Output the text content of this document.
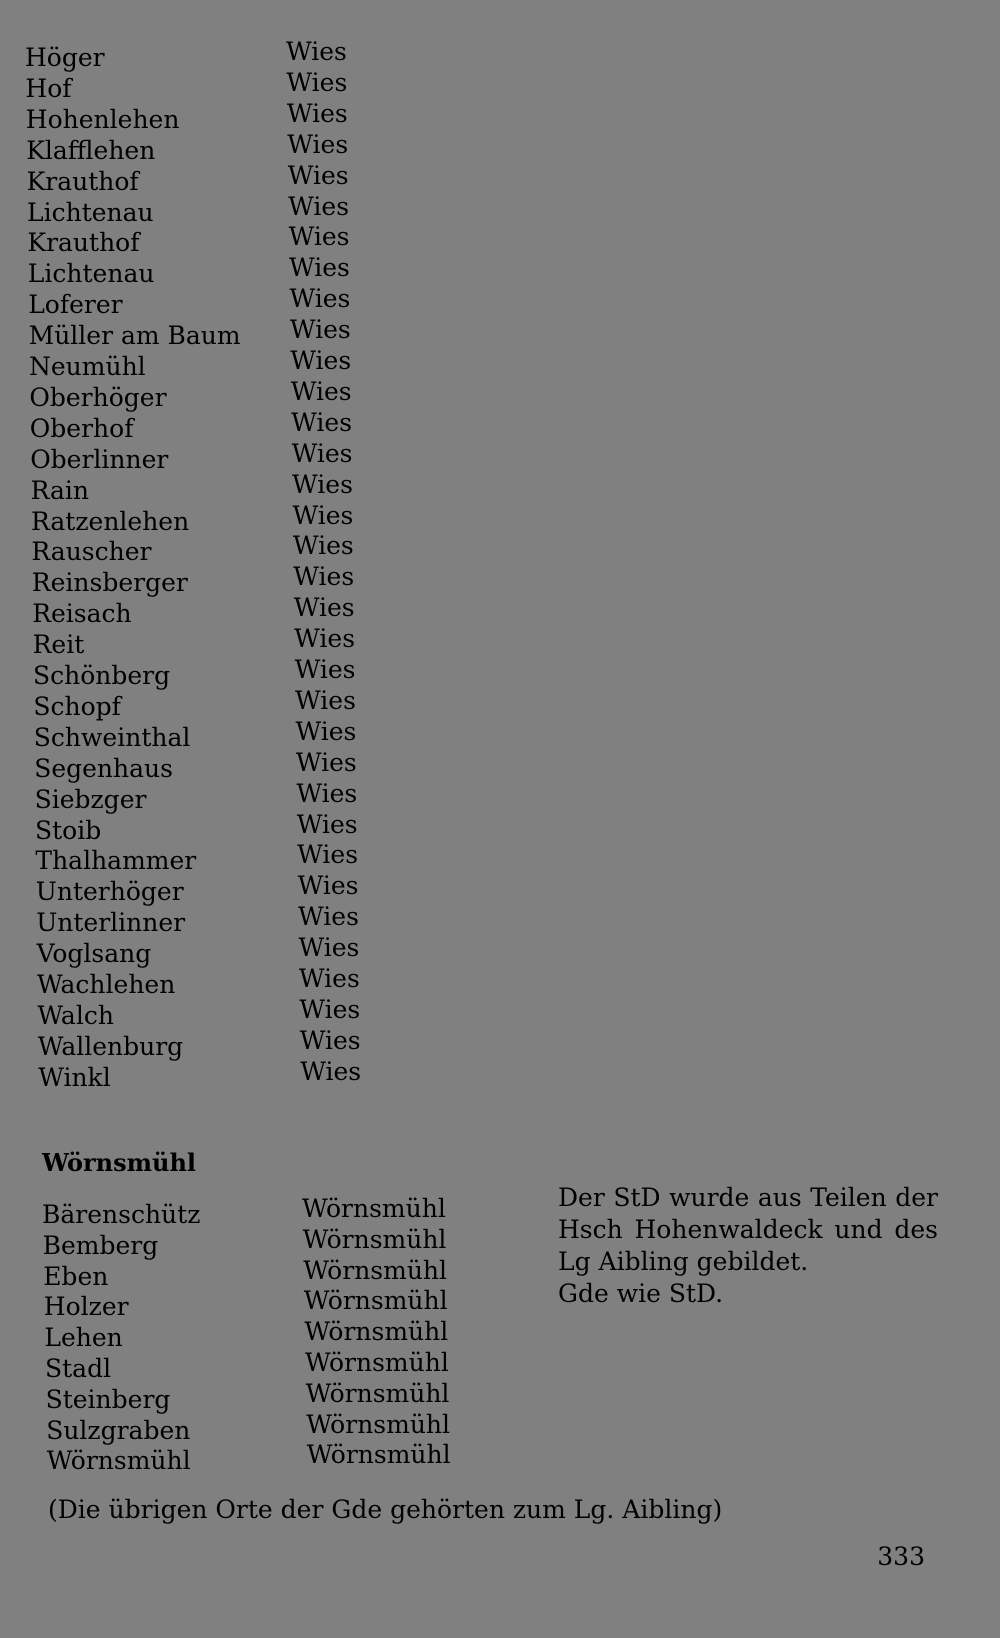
Höger	Wies
Hof	Wies
Hohenlehen	Wies
Klafflehen	Wies
Krauthof	Wies
Lichtenau	Wies
Krauthof	Wies
Lichtenau	Wies
Loferer	Wies
Müller am Baum Wies
Neumühl	Wies
Oberhöger	Wies
Oberhof	Wies
Oberlinner	Wies
Rain	Wies
Ratzenlehen	Wies
Rauscher	Wies
Reinsberger	Wies
Reisach	Wies
Reit	Wies
Schönberg	Wies
Schopf	Wies
Schweinthal	Wies
Segenhaus	Wies
Siebzger	Wies
Stoib	Wies
Thalhammer	Wies
Unterhöger	Wies
Unterlinner	Wies
Voglsang	Wies
Wachlehen	Wies
Walch	Wies
Wallenburg	Wies
Winkl	Wies
Wörnsmühl
Bärenschütz	Wörnsmühl
Bemberg	Wörnsmühl
Eben	Wörnsmühl
Holzer	Wörnsmühl
Lehen	Wörnsmühl
Stadl	Wörnsmühl
Steinberg	Wörnsmühl
Sulzgraben	Wörnsmühl
Wörnsmühl	Wörnsmühl

Der StD wurde aus Teilen der

Hsch Hohenwaldeck und des

Lg Aibling gebildet.

Gde wie StD.

(Die übrigen Orte der Gde gehörten zum Lg. Aibling)
333
